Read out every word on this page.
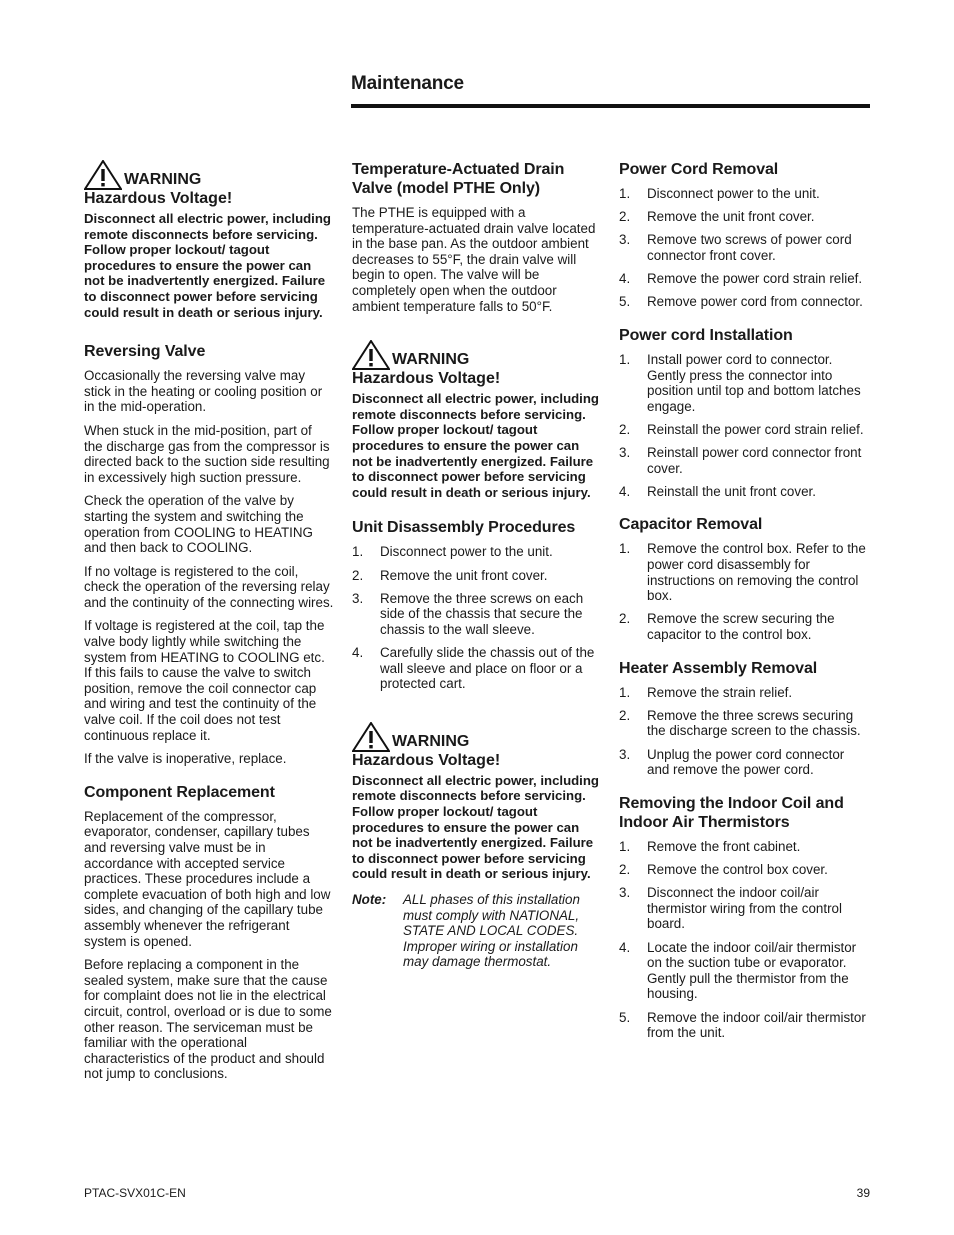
Maintenance
WARNING
Hazardous Voltage!

Disconnect all electric power, including remote disconnects before servicing. Follow proper lockout/ tagout procedures to ensure the power can not be inadvertently energized. Failure to disconnect power before servicing could result in death or serious injury.

Reversing Valve

Occasionally the reversing valve may stick in the heating or cooling position or in the mid-operation.

When stuck in the mid-position, part of the discharge gas from the compressor is directed back to the suction side resulting in excessively high suction pressure.

Check the operation of the valve by starting the system and switching the operation from COOLING to HEATING and then back to COOLING.

If no voltage is registered to the coil, check the operation of the reversing relay and the continuity of the connecting wires.

If voltage is registered at the coil, tap the valve body lightly while switching the system from HEATING to COOLING etc. If this fails to cause the valve to switch position, remove the coil connector cap and wiring and test the continuity of the valve coil. If the coil does not test continuous replace it.

If the valve is inoperative, replace.

Component Replacement

Replacement of the compressor, evaporator, condenser, capillary tubes and reversing valve must be in accordance with accepted service practices. These procedures include a complete evacuation of both high and low sides, and changing of the capillary tube assembly whenever the refrigerant system is opened.

Before replacing a component in the sealed system, make sure that the cause for complaint does not lie in the electrical circuit, control, overload or is due to some other reason. The serviceman must be familiar with the operational characteristics of the product and should not jump to conclusions.

Temperature-Actuated Drain Valve (model PTHE Only)

The PTHE is equipped with a temperature-actuated drain valve located in the base pan. As the outdoor ambient decreases to 55°F, the drain valve will begin to open. The valve will be completely open when the outdoor ambient temperature falls to 50°F.

WARNING
Hazardous Voltage!

Disconnect all electric power, including remote disconnects before servicing. Follow proper lockout/ tagout procedures to ensure the power can not be inadvertently energized. Failure to disconnect power before servicing could result in death or serious injury.

Unit Disassembly Procedures
1.	Disconnect power to the unit.
2.	Remove the unit front cover.
3.	Remove the three screws on each side of the chassis that secure the chassis to the wall sleeve.
4.	Carefully slide the chassis out of the wall sleeve and place on floor or a protected cart.
WARNING
Hazardous Voltage!

Disconnect all electric power, including remote disconnects before servicing. Follow proper lockout/ tagout procedures to ensure the power can not be inadvertently energized. Failure to disconnect power before servicing could result in death or serious injury.

Note:	ALL phases of this installation must comply with NATIONAL, STATE AND LOCAL CODES. Improper wiring or installation may damage thermostat.
Power Cord Removal
1.	Disconnect power to the unit.
2.	Remove the unit front cover.
3.	Remove two screws of power cord connector front cover.
4.	Remove the power cord strain relief.
5.	Remove power cord from connector.
Power cord Installation
1.	Install power cord to connector. Gently press the connector into position until top and bottom latches engage.
2.	Reinstall the power cord strain relief.
3.	Reinstall power cord connector front cover.
4.	Reinstall the unit front cover.
Capacitor Removal
1.	Remove the control box. Refer to the power cord disassembly for instructions on removing the control box.
2.	Remove the screw securing the capacitor to the control box.
Heater Assembly Removal
1.	Remove the strain relief.
2.	Remove the three screws securing the discharge screen to the chassis.
3.	Unplug the power cord connector and remove the power cord.
Removing the Indoor Coil and Indoor Air Thermistors
1.	Remove the front cabinet.
2.	Remove the control box cover.
3.	Disconnect the indoor coil/air thermistor wiring from the control board.
4.	Locate the indoor coil/air thermistor on the suction tube or evaporator. Gently pull the thermistor from the housing.
5.	Remove the indoor coil/air thermistor from the unit.
PTAC-SVX01C-EN	39
